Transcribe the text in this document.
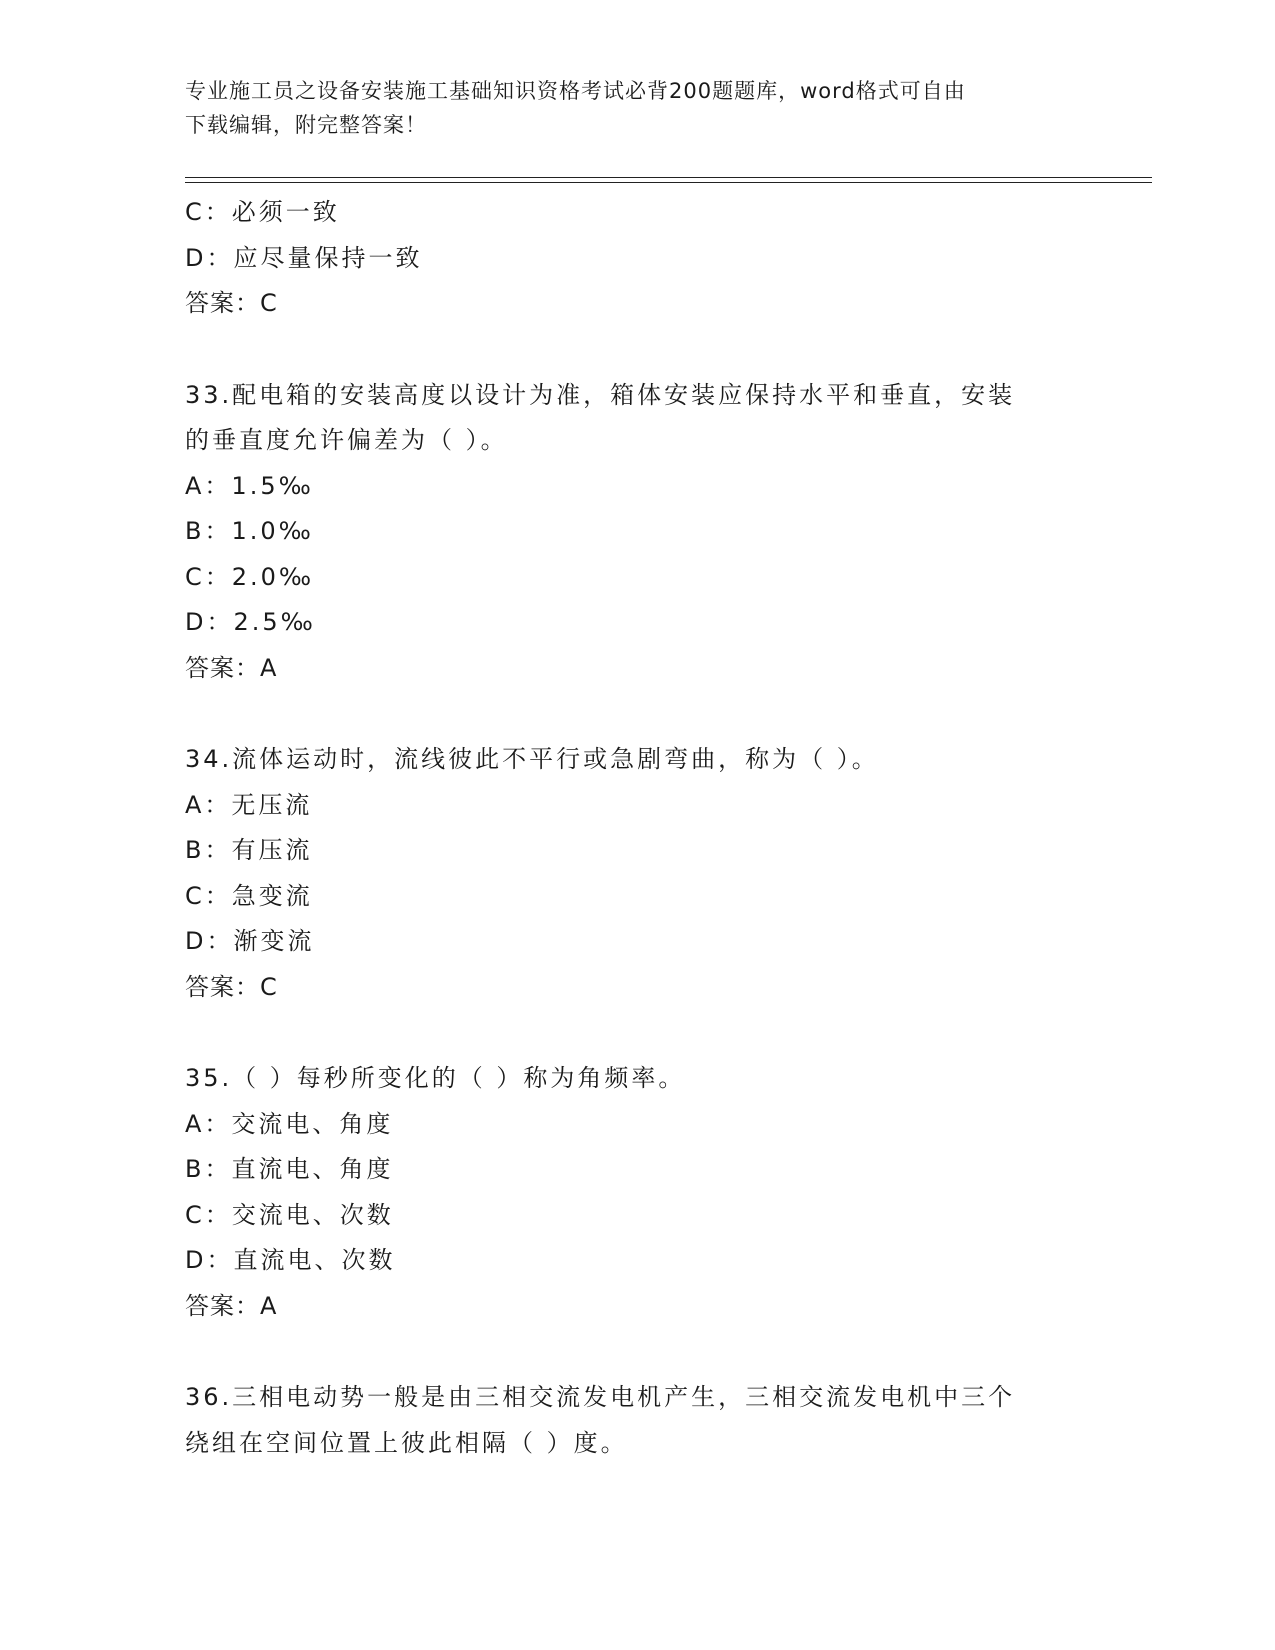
专业施工员之设备安装施工基础知识资格考试必背200题题库，word格式可自由
下载编辑，附完整答案！
C：必须一致
D：应尽量保持一致
答案：C
33.配电箱的安装高度以设计为准，箱体安装应保持水平和垂直，安装
的垂直度允许偏差为（ ）。
A：1.5‰
B：1.0‰
C：2.0‰
D：2.5‰
答案：A
34.流体运动时，流线彼此不平行或急剧弯曲，称为（ ）。
A：无压流
B：有压流
C：急变流
D：渐变流
答案：C
35.（ ）每秒所变化的（ ）称为角频率。
A：交流电、角度
B：直流电、角度
C：交流电、次数
D：直流电、次数
答案：A
36.三相电动势一般是由三相交流发电机产生，三相交流发电机中三个
绕组在空间位置上彼此相隔（ ）度。
